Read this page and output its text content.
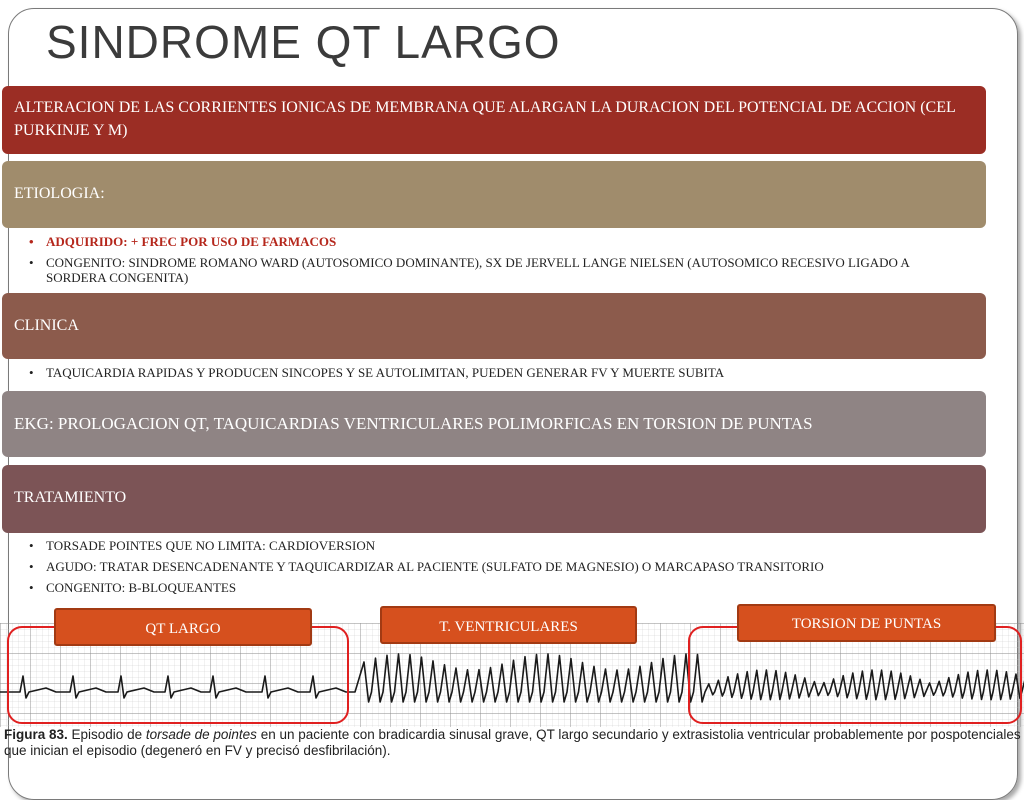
SINDROME QT LARGO
ALTERACION DE LAS CORRIENTES IONICAS DE MEMBRANA QUE ALARGAN LA DURACION DEL POTENCIAL DE ACCION (CEL PURKINJE Y M)
ETIOLOGIA:
• ADQUIRIDO: + FREC POR USO DE FARMACOS
• CONGENITO: SINDROME ROMANO WARD (AUTOSOMICO DOMINANTE), SX DE JERVELL LANGE NIELSEN (AUTOSOMICO RECESIVO LIGADO A SORDERA CONGENITA)
CLINICA
• TAQUICARDIA RAPIDAS Y PRODUCEN SINCOPES Y SE AUTOLIMITAN, PUEDEN GENERAR FV Y MUERTE SUBITA
EKG: PROLOGACION QT, TAQUICARDIAS VENTRICULARES POLIMORFICAS EN TORSION DE PUNTAS
TRATAMIENTO
• TORSADE POINTES QUE NO LIMITA: CARDIOVERSION
• AGUDO: TRATAR DESENCADENANTE Y TAQUICARDIZAR AL PACIENTE (SULFATO DE MAGNESIO) O MARCAPASO TRANSITORIO
• CONGENITO: B-BLOQUEANTES
QT LARGO	T. VENTRICULARES	TORSION DE PUNTAS
Figura 83. Episodio de torsade de pointes en un paciente con bradicardia sinusal grave, QT largo secundario y extrasistolia ventricular probablemente por pospotenciales que inician el episodio (degeneró en FV y precisó desfibrilación).
